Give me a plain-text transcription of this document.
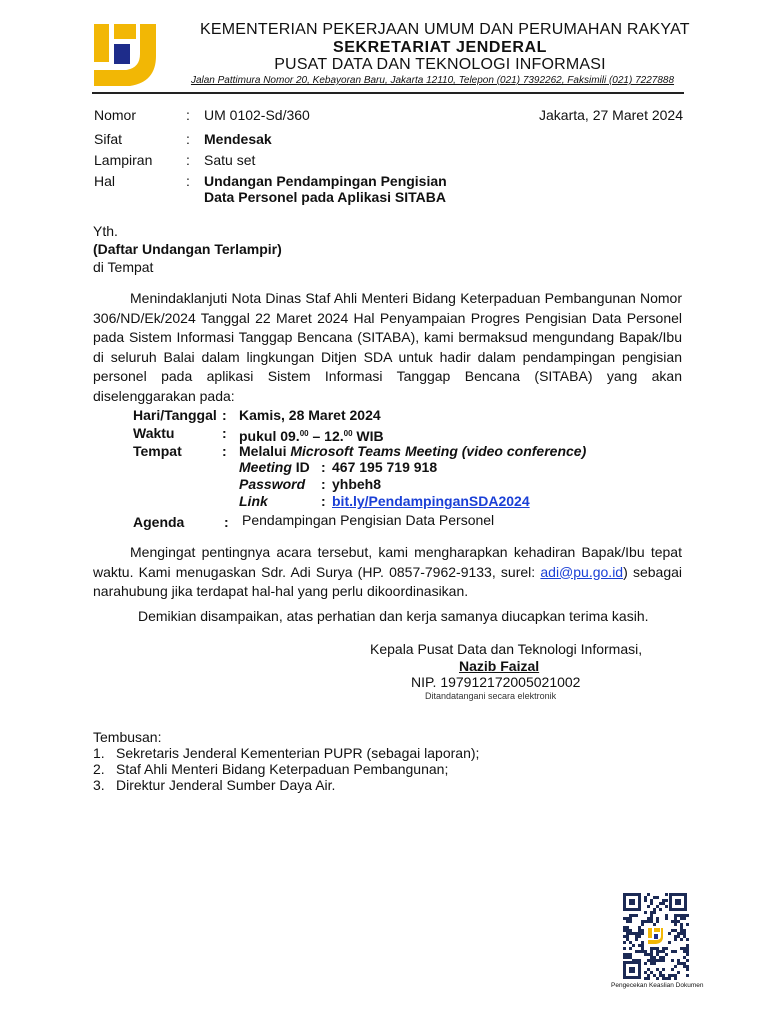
KEMENTERIAN PEKERJAAN UMUM DAN PERUMAHAN RAKYAT
SEKRETARIAT JENDERAL
PUSAT DATA DAN TEKNOLOGI INFORMASI
Jalan Pattimura Nomor 20, Kebayoran Baru, Jakarta 12110, Telepon (021) 7392262, Faksimili (021) 7227888
Nomor	: UM 0102-Sd/360	Jakarta, 27 Maret 2024
Sifat	: Mendesak
Lampiran : Satu set
Hal	: Undangan Pendampingan Pengisian
Data Personel pada Aplikasi SITABA
Yth.
(Daftar Undangan Terlampir)
di Tempat
Menindaklanjuti Nota Dinas Staf Ahli Menteri Bidang Keterpaduan Pembangunan Nomor 306/ND/Ek/2024 Tanggal 22 Maret 2024 Hal Penyampaian Progres Pengisian Data Personel pada Sistem Informasi Tanggap Bencana (SITABA), kami bermaksud mengundang Bapak/Ibu di seluruh Balai dalam lingkungan Ditjen SDA untuk hadir dalam pendampingan pengisian personel pada aplikasi Sistem Informasi Tanggap Bencana (SITABA) yang akan diselenggarakan pada:
Hari/Tanggal : Kamis, 28 Maret 2024
Waktu	: pukul 09.00 – 12.00 WIB
Tempat	: Melalui Microsoft Teams Meeting (video conference)
Meeting ID : 467 195 719 918
Password : yhbeh8
Link	: bit.ly/PendampinganSDA2024
Agenda	: Pendampingan Pengisian Data Personel
Mengingat pentingnya acara tersebut, kami mengharapkan kehadiran Bapak/Ibu tepat waktu. Kami menugaskan Sdr. Adi Surya (HP. 0857-7962-9133, surel: adi@pu.go.id) sebagai narahubung jika terdapat hal-hal yang perlu dikoordinasikan.
Demikian disampaikan, atas perhatian dan kerja samanya diucapkan terima kasih.
Kepala Pusat Data dan Teknologi Informasi,
Nazib Faizal
NIP. 197912172005021002
Ditandatangani secara elektronik
Tembusan:
1. Sekretaris Jenderal Kementerian PUPR (sebagai laporan);
2. Staf Ahli Menteri Bidang Keterpaduan Pembangunan;
3. Direktur Jenderal Sumber Daya Air.
Pengecekan Keaslian Dokumen
